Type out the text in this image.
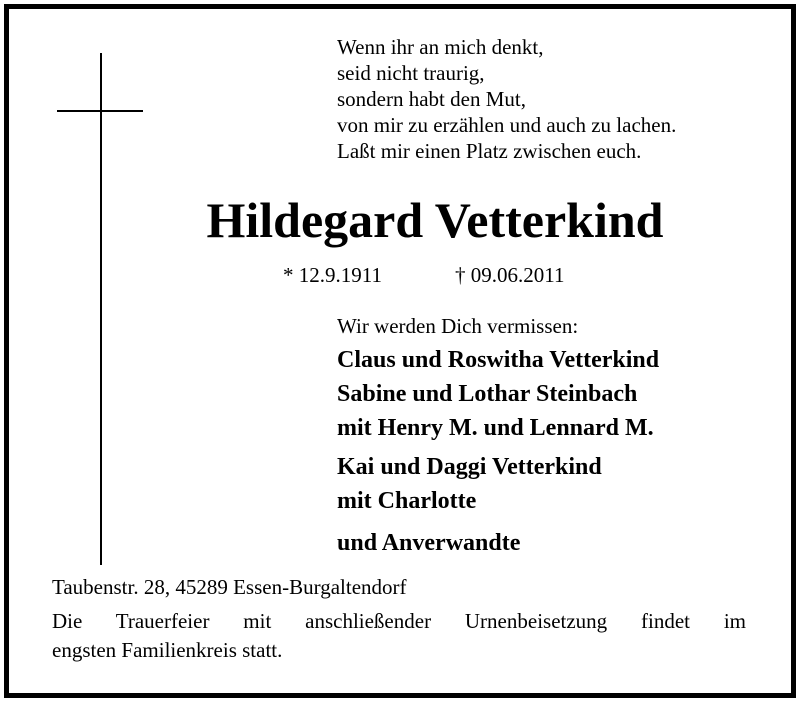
Wenn ihr an mich denkt,
seid nicht traurig,
sondern habt den Mut,
von mir zu erzählen und auch zu lachen.
Laßt mir einen Platz zwischen euch.
Hildegard Vetterkind
* 12.9.1911	† 09.06.2011
Wir werden Dich vermissen:
Claus und Roswitha Vetterkind
Sabine und Lothar Steinbach
mit Henry M. und Lennard M.
Kai und Daggi Vetterkind
mit Charlotte
und Anverwandte
Taubenstr. 28, 45289 Essen-Burgaltendorf
Die Trauerfeier mit anschließender Urnenbeisetzung findet im
engsten Familienkreis statt.
